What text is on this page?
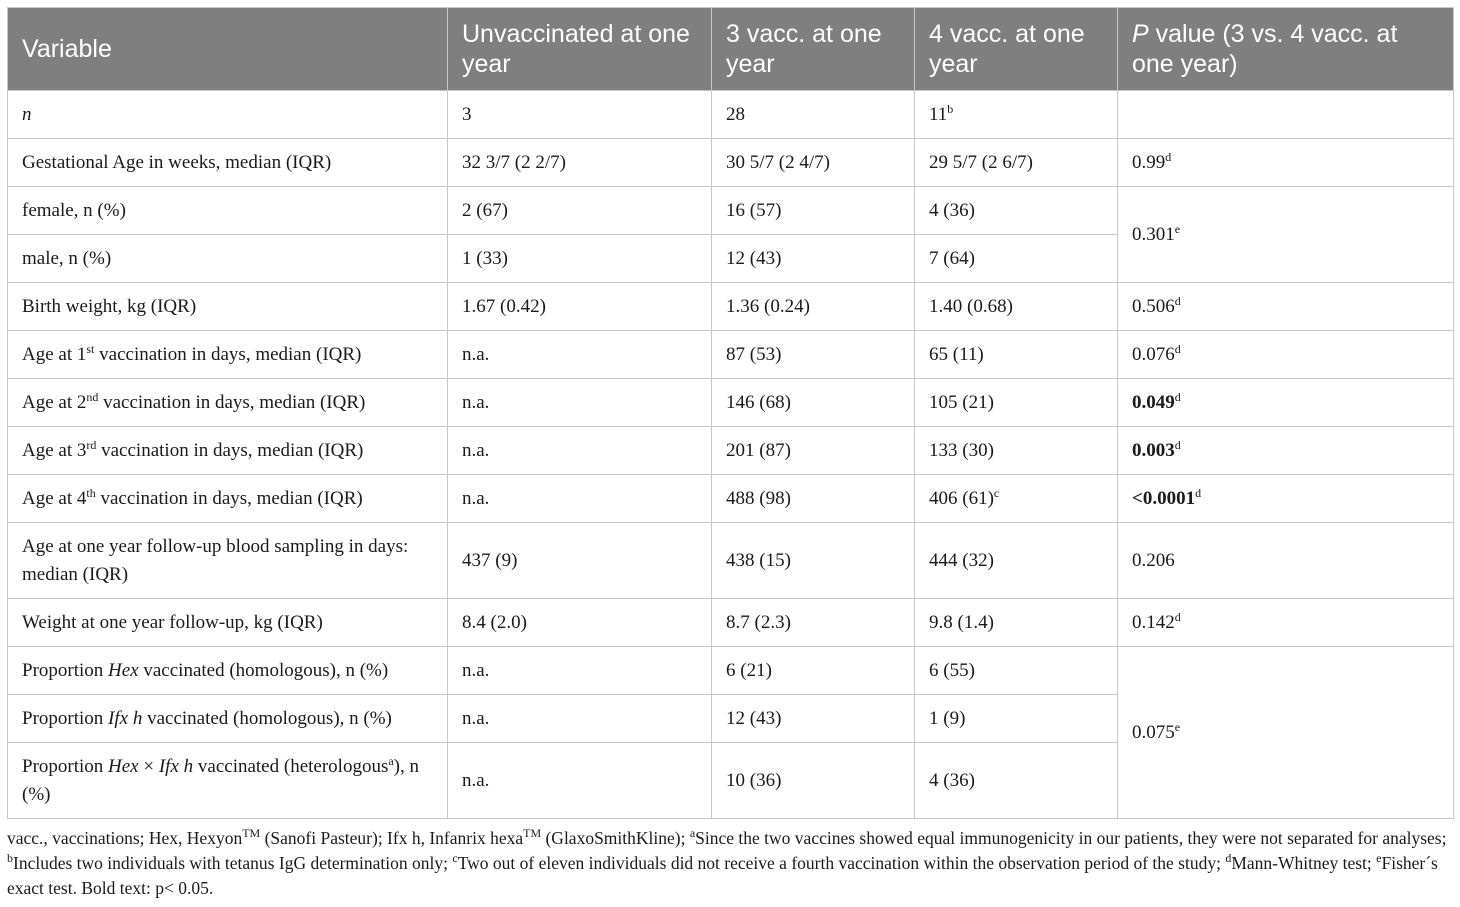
Variable	Unvaccinated at one year	3 vacc. at one year	4 vacc. at one year	P value (3 vs. 4 vacc. at one year)
n	3	28	11$^b$	
Gestational Age in weeks, median (IQR)	32 3/7 (2 2/7)	30 5/7 (2 4/7)	29 5/7 (2 6/7)	0.99$^d$
female, n (%)	2 (67)	16 (57)	4 (36)	0.301e
male, n (%)	1 (33)	12 (43)	7 (64)	
Birth weight, kg (IQR)	1.67 (0.42)	1.36 (0.24)	1.40 (0.68)	0.506$^d$
Age at 1st vaccination in days, median (IQR)	n.a.	87 (53)	65 (11)	0.076$^d$
Age at 2nd vaccination in days, median (IQR)	n.a.	146 (68)	105 (21)	0.049$^d$
Age at 3rd vaccination in days, median (IQR)	n.a.	201 (87)	133 (30)	0.003$^d$
Age at 4th vaccination in days, median (IQR)	n.a.	488 (98)	406 $(61)^c$	<0.0001$^d$
Age at one year follow-up blood sampling in days: median (IQR)	437 (9)	438 (15)	444 (32)	0.206
Weight at one year follow-up, kg (IQR)	8.4 (2.0)	8.7 (2.3)	9.8 (1.4)	0.142$^d$
Proportion Hex vaccinated (homologous), n (%)	n.a.	6 (21)	6 (55)	0.075e
Proportion Ifx h vaccinated (homologous), n (%)	n.a.	12 (43)	1 (9)	
Proportion Hex × Ifx h vaccinated (heterologous$^a$), n (%)	n.a.	10 (36)	4 (36)	
vacc., vaccinations; Hex, Hexyon™ (Sanofi Pasteur); Ifx h, Infanrix hexa™ (GlaxoSmithKline); $^a$Since the two vaccines showed equal immunogenicity in our patients, they were not separated for analyses; $^b$Includes two individuals with tetanus IgG determination only; $^c$Two out of eleven individuals did not receive a fourth vaccination within the observation period of the study; $^d$Mann-Whitney test; $^e$Fisher´s exact test. Bold text: p< 0.05.
